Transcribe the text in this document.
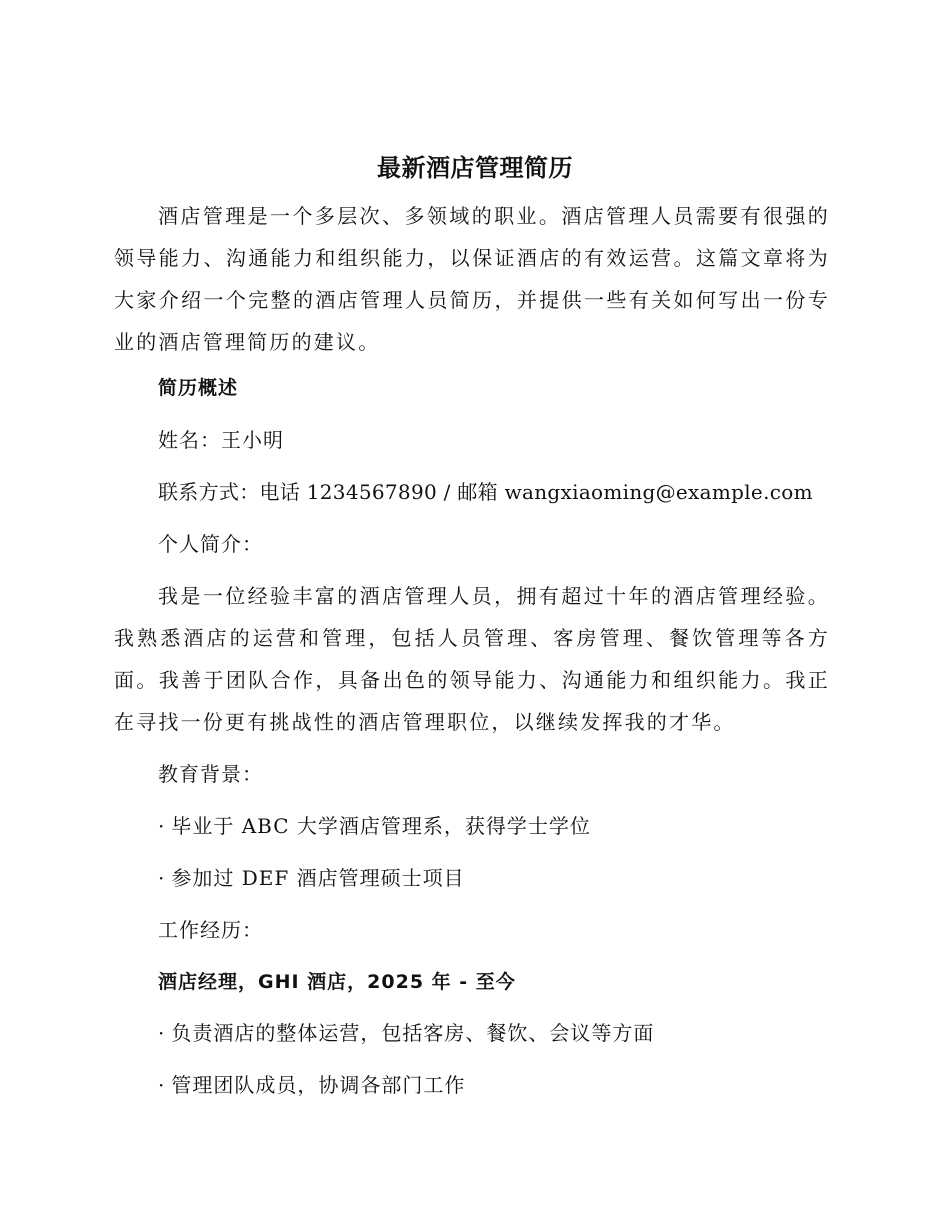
最新酒店管理简历

酒店管理是一个多层次、多领域的职业。酒店管理人员需要有很强的领导能力、沟通能力和组织能力，以保证酒店的有效运营。这篇文章将为大家介绍一个完整的酒店管理人员简历，并提供一些有关如何写出一份专业的酒店管理简历的建议。

简历概述
姓名：王小明
联系方式：电话 1234567890 / 邮箱 wangxiaoming@example.com
个人简介：

我是一位经验丰富的酒店管理人员，拥有超过十年的酒店管理经验。我熟悉酒店的运营和管理，包括人员管理、客房管理、餐饮管理等各方面。我善于团队合作，具备出色的领导能力、沟通能力和组织能力。我正在寻找一份更有挑战性的酒店管理职位，以继续发挥我的才华。

教育背景：
· 毕业于 ABC 大学酒店管理系，获得学士学位
· 参加过 DEF 酒店管理硕士项目
工作经历：
酒店经理，GHI 酒店，2025 年 - 至今
· 负责酒店的整体运营，包括客房、餐饮、会议等方面
· 管理团队成员，协调各部门工作
